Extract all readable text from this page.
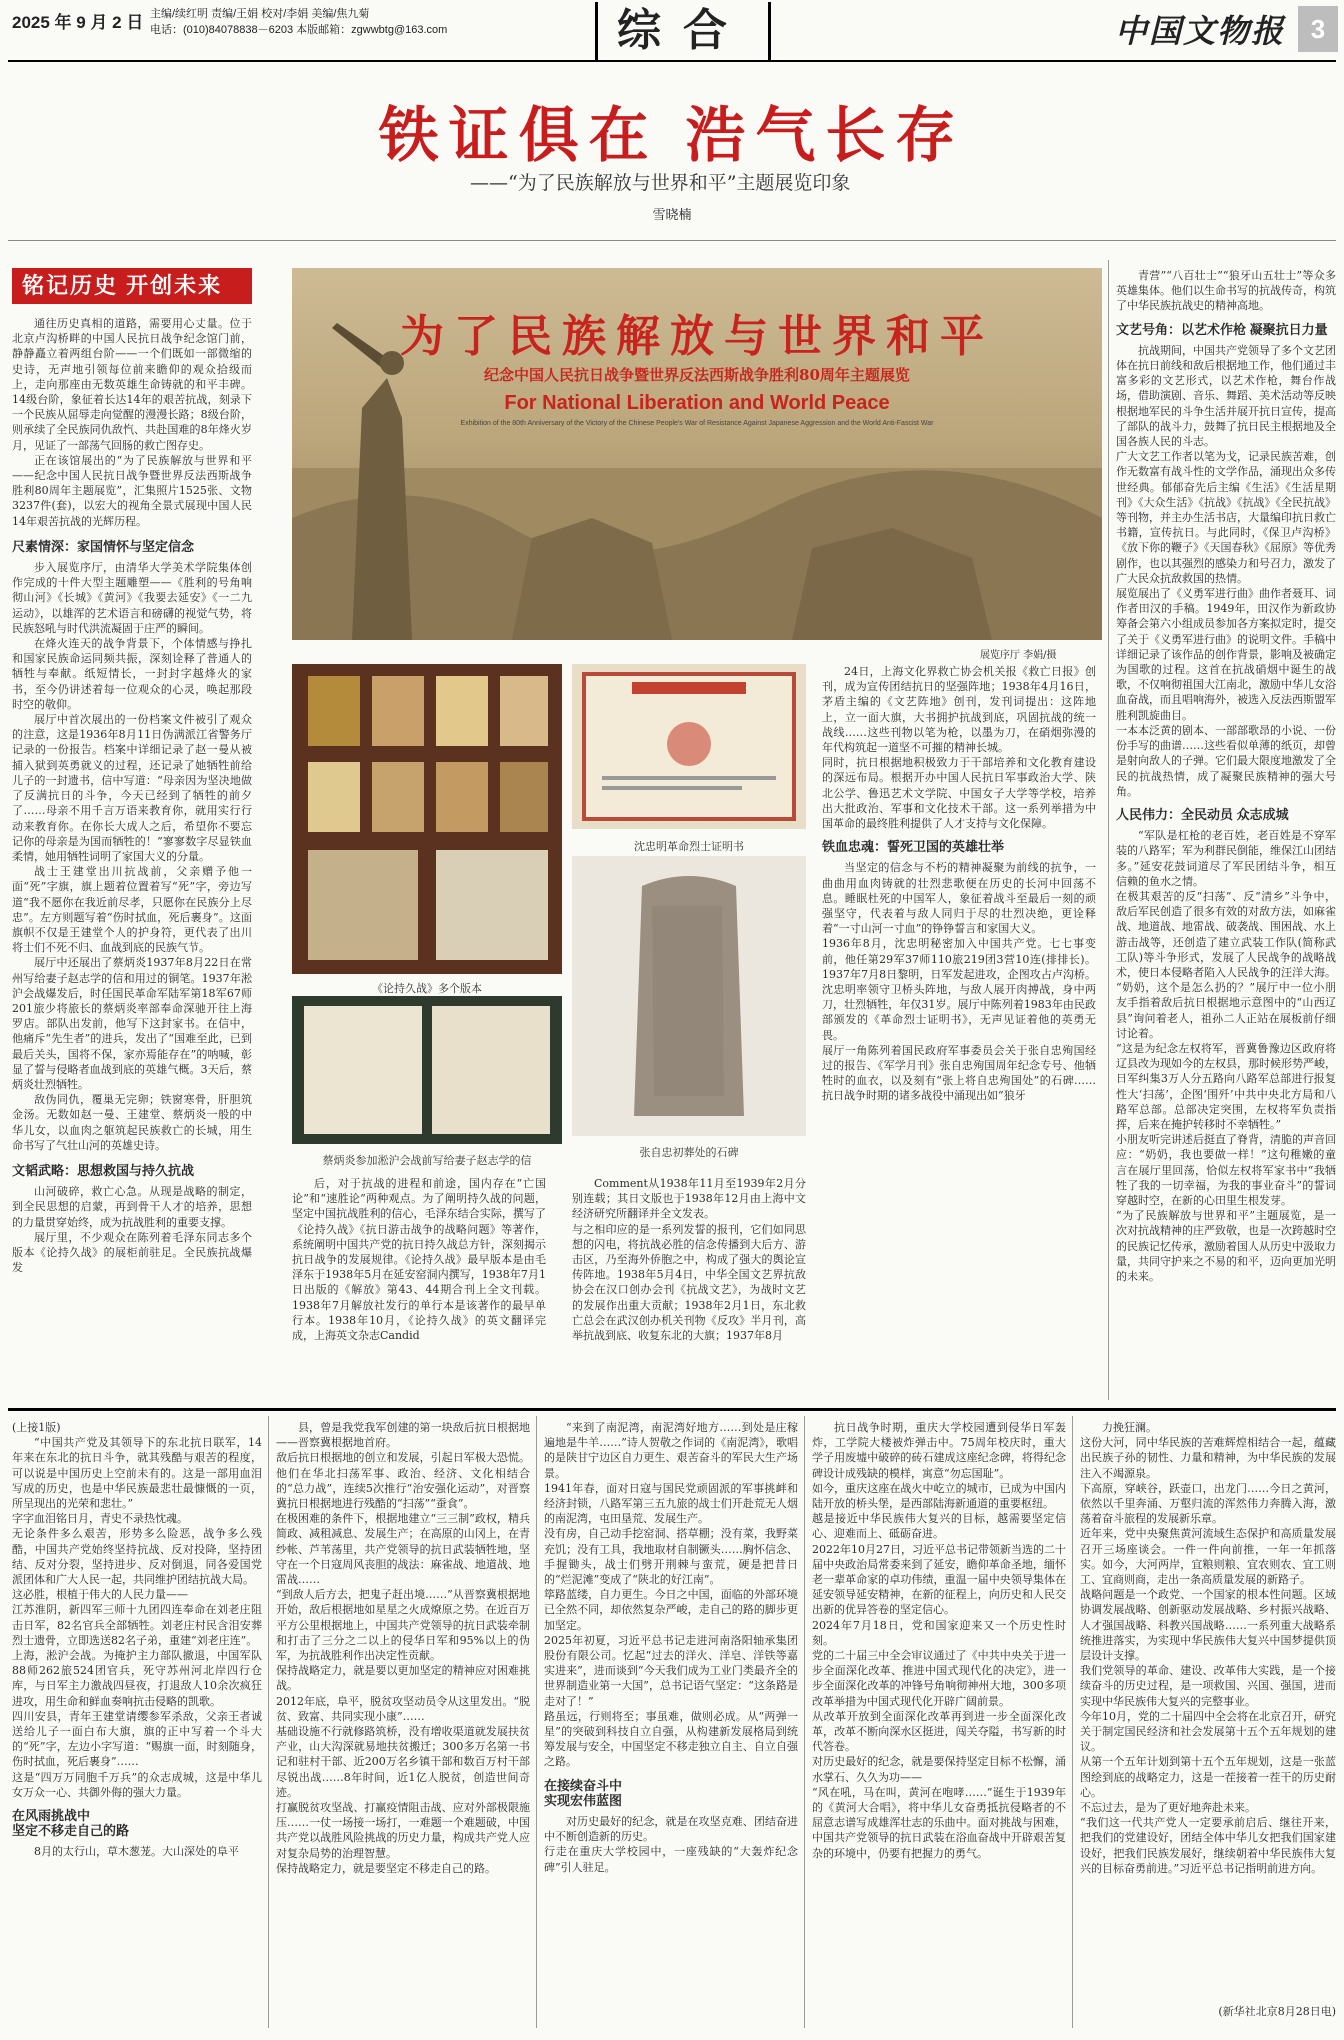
2025 年 9 月 2 日 主编/续红明 责编/王娟 校对/李娟 美编/焦九菊
电话：(010)84078838－6203 本版邮箱：zgwwbtg@163.com	综合	中国文物报 3
铁证俱在 浩气长存
——“为了民族解放与世界和平”主题展览印象
雪晓楠
铭记历史 开创未来

通往历史真相的道路，需要用心丈量。位于北京卢沟桥畔的中国人民抗日战争纪念馆门前，静静矗立着两组台阶——一个们既如一部微缩的史诗，无声地引领每位前来瞻仰的观众拾级而上，走向那座由无数英雄生命铸就的和平丰碑。14级台阶，象征着长达14年的艰苦抗战，刻录下一个民族从屈辱走向觉醒的漫漫长路；8级台阶，则承续了全民族同仇敌忾、共赴国难的8年烽火岁月，见证了一部荡气回肠的救亡图存史。

正在该馆展出的“为了民族解放与世界和平——纪念中国人民抗日战争暨世界反法西斯战争胜利80周年主题展览”，汇集照片1525张、文物3237件(套)，以宏大的视角全景式展现中国人民14年艰苦抗战的光辉历程。

尺素情深：家国情怀与坚定信念

步入展览序厅，由清华大学美术学院集体创作完成的十件大型主题雕塑——《胜利的号角响彻山河》《长城》《黄河》《我要去延安》《一二九运动》，以雄浑的艺术语言和磅礴的视觉气势，将民族怒吼与时代洪流凝固于庄严的瞬间。

在烽火连天的战争背景下，个体情感与挣扎和国家民族命运同频共振，深刻诠释了普通人的牺牲与奉献。纸短情长，一封封字越烽火的家书，至今仍讲述着每一位观众的心灵，唤起那段时空的敬仰。

展厅中首次展出的一份档案文件被引了观众的注意，这是1936年8月11日伪满派江省警务厅记录的一份报告。档案中详细记录了赵一曼从被捕入狱到英勇就义的过程，还记录了她牺牲前给儿子的一封遗书，信中写道：“母亲因为坚决地做了反满抗日的斗争，今天已经到了牺牲的前夕了……母亲不用千言万语来教育你，就用实行行动来教育你。在你长大成人之后，希望你不要忘记你的母亲是为国而牺牲的！”寥寥数字尽显铁血柔情，她用牺牲词明了家国大义的分量。

战士王建堂出川抗战前，父亲赠予他一面“死”字旗，旗上题着位置着写“死”字，旁边写道“我不愿你在我近前尽孝，只愿你在民族分上尽忠”。左方则题写着“伤时拭血，死后裹身”。这面旗帜不仅是王建堂个人的护身符，更代表了出川将士们不死不归、血战到底的民族气节。

展厅中还展出了蔡炳炎1937年8月22日在常州写给妻子赵志学的信和用过的铜笔。1937年淞沪会战爆发后，时任国民革命军陆军第18军67师201旅少将旅长的蔡炳炎率部奉命深驰开往上海罗店。部队出发前，他写下这封家书。在信中，他痛斥“先生者”的进兵，发出了“国难至此，已到最后关头，国将不保，家亦焉能存在”的呐喊，彰显了誓与侵略者血战到底的英雄气概。3天后，蔡炳炎壮烈牺牲。

敌伪同仇，覆巢无完卵；铁窗寒骨，肝胆筑金汤。无数如赵一曼、王建堂、蔡炳炎一般的中华儿女，以血肉之躯筑起民族救亡的长城，用生命书写了气壮山河的英雄史诗。

文韬武略：思想救国与持久抗战

山河破碎，救亡心急。从现是战略的制定，到全民思想的启蒙，再到骨干人才的培养，思想的力量贯穿始终，成为抗战胜利的重要支撑。

展厅里，不少观众在陈列着毛泽东同志多个版本《论持久战》的展柜前驻足。全民族抗战爆发

为了民族解放与世界和平
纪念中国人民抗日战争暨世界反法西斯战争胜利80周年主题展览
For National Liberation and World Peace
Exhibition of the 80th Anniversary of the Victory of the Chinese People's War of Resistance Against Japanese Aggression and the World Anti-Fascist War
展览序厅 李娟/摄
《论持久战》多个版本
沈忠明革命烈士证明书
张自忠初葬处的石碑
蔡炳炎参加淞沪会战前写给妻子赵志学的信

后，对于抗战的进程和前途，国内存在“亡国论”和“速胜论”两种观点。为了阐明持久战的问题，坚定中国抗战胜利的信心，毛泽东结合实际，撰写了《论持久战》《抗日游击战争的战略问题》等著作，系统阐明中国共产党的抗日持久战总方针，深刻揭示抗日战争的发展规律。《论持久战》最早版本是由毛泽东于1938年5月在延安窑洞内撰写，1938年7月1日出版的《解放》第43、44期合刊上全文刊载。1938年7月解放社发行的单行本是该著作的最早单行本。1938年10月，《论持久战》的英文翻译完成，上海英文杂志Candid

Comment从1938年11月至1939年2月分别连载；其日文版也于1938年12月由上海中文经济研究所翻译并全文发表。
与之相印应的是一系列发誓的报刊，它们如同思想的闪电，将抗战必胜的信念传播到大后方、游击区，乃至海外侨胞之中，构成了强大的舆论宣传阵地。1938年5月4日，中华全国文艺界抗敌协会在汉口创办会刊《抗战文艺》，为战时文艺的发展作出重大贡献；1938年2月1日，东北救亡总会在武汉创办机关刊物《反攻》半月刊，高举抗战到底、收复东北的大旗；1937年8月

24日，上海文化界救亡协会机关报《救亡日报》创刊，成为宣传团结抗日的坚强阵地；1938年4月16日，茅盾主编的《文艺阵地》创刊，发刊词提出：这阵地上，立一面大旗，大书拥护抗战到底，巩固抗战的统一战线……这些刊物以笔为枪，以墨为刀，在硝烟弥漫的年代构筑起一道坚不可摧的精神长城。
同时，抗日根据地积极致力于干部培养和文化教育建设的深远布局。根据开办中国人民抗日军事政治大学、陕北公学、鲁迅艺术文学院、中国女子大学等学校，培养出大批政治、军事和文化技术干部。这一系列举措为中国革命的最终胜利提供了人才支持与文化保障。

铁血忠魂：誓死卫国的英雄壮举

当坚定的信念与不朽的精神凝聚为前线的抗争，一曲曲用血肉铸就的壮烈悲歌便在历史的长河中回荡不息。睡眠杜死的中国军人，象征着战斗至最后一刻的顽强坚守，代表着与敌人同归于尽的壮烈决绝，更诠释着“一寸山河一寸血”的铮铮誓言和家国大义。
1936年8月，沈忠明秘密加入中国共产党。七七事变前，他任第29军37师110旅219团3营10连(排排长)。1937年7月8日黎明，日军发起进攻，企图攻占卢沟桥。沈忠明率领守卫桥头阵地，与敌人展开肉搏战，身中两刀，壮烈牺牲，年仅31岁。展厅中陈列着1983年由民政部颁发的《革命烈士证明书》，无声见证着他的英勇无畏。
展厅一角陈列着国民政府军事委员会关于张自忠殉国经过的报告、《军学月刊》张自忠殉国周年纪念专号、他牺牲时的血衣，以及刻有“张上将自忠殉国处”的石碑……抗日战争时期的诸多战役中涌现出如“狼牙

青营”“八百壮士”“狼牙山五壮士”等众多英雄集体。他们以生命书写的抗战传奇，构筑了中华民族抗战史的精神高地。

文艺号角：以艺术作枪 凝聚抗日力量

抗战期间，中国共产党领导了多个文艺团体在抗日前线和敌后根据地工作，他们通过丰富多彩的文艺形式，以艺术作枪，舞台作战场，借助演剧、音乐、舞蹈、美术活动等反映根据地军民的斗争生活并展开抗日宣传，提高了部队的战斗力，鼓舞了抗日民主根据地及全国各族人民的斗志。
广大文艺工作者以笔为戈，记录民族苦难，创作无数富有战斗性的文学作品，涌现出众多传世经典。郁郁奋先后主编《生活》《生活星期刊》《大众生活》《抗战》《抗战》《全民抗战》等刊物，并主办生活书店，大量编印抗日救亡书籍，宣传抗日。与此同时，《保卫卢沟桥》《放下你的鞭子》《天国春秋》《屈原》等优秀剧作，也以其强烈的感染力和号召力，激发了广大民众抗敌救国的热情。
展览展出了《义勇军进行曲》曲作者聂耳、词作者田汉的手稿。1949年，田汉作为新政协筹备会第六小组成员参加各方案拟定时，提交了关于《义勇军进行曲》的说明文件。手稿中详细记录了该作品的创作背景，影响及被确定为国歌的过程。这首在抗战硝烟中诞生的战歌，不仅响彻祖国大江南北，激励中华儿女浴血奋战，而且唱响海外，被选入反法西斯盟军胜利凯旋曲目。
一本本泛黄的剧本、一部部歌昂的小说、一份份手写的曲谱……这些看似单薄的纸页，却曾是射向敌人的子弹。它们最大限度地激发了全民的抗战热情，成了凝聚民族精神的强大号角。

人民伟力：全民动员 众志成城

“军队是杠枪的老百姓，老百姓是不穿军装的八路军；军为利群民倒能，维保江山团结多。”延安花鼓词道尽了军民团结斗争，相互信赖的鱼水之情。
在极其艰苦的反“扫荡”、反“清乡”斗争中，敌后军民创造了很多有效的对敌方法，如麻雀战、地道战、地雷战、破袭战、围困战、水上游击战等，还创造了建立武装工作队(简称武工队)等斗争形式，发展了人民战争的战略战术，使日本侵略者陷入人民战争的汪洋大海。
“奶奶，这个是怎么扔的？”展厅中一位小朋友手指着敌后抗日根据地示意图中的“山西辽县”询问着老人，祖孙二人正站在展板前仔细讨论着。
“这是为纪念左权将军，晋冀鲁豫边区政府将辽县改为现如今的左权县，那时候形势严峻，日军纠集3万人分五路向八路军总部进行报复性大‘扫荡’，企图‘围歼’中共中央北方局和八路军总部。总部决定突围，左权将军负责指挥，后来在掩护转移时不幸牺牲。”
小朋友听完讲述后挺直了脊背，清脆的声音回应：“奶奶，我也要做一样！”这句稚嫩的童言在展厅里回荡，恰似左权将军家书中“我牺牲了我的一切幸福，为我的事业奋斗”的誓词穿越时空，在新的心田里生根发芽。
“为了民族解放与世界和平”主题展览，是一次对抗战精神的庄严致敬，也是一次跨越时空的民族记忆传承，激励着国人从历史中汲取力量，共同守护来之不易的和平，迈向更加光明的未来。

(上接1版)

“中国共产党及其领导下的东北抗日联军，14年来在东北的抗日斗争，就其残酷与艰苦的程度，可以说是中国历史上空前未有的。这是一部用血泪写成的历史，也是中华民族最悲壮最慷慨的一页，所呈现出的光荣和悲壮。”
字字血泪铭日月，青史不录热忱魂。
无论条件多么艰苦，形势多么险恶，战争多么残酷，中国共产党始终坚持抗战、反对投降，坚持团结、反对分裂，坚持进步、反对倒退，同各爱国党派团体和广大人民一起，共同维护团结抗战大局。
这必胜，根植于伟大的人民力量——
江苏淮阴，新四军三师十九团四连奉命在刘老庄阻击日军，82名官兵全部牺牲。刘老庄村民含泪安葬烈士遗骨，立即选送82名子弟，重建“刘老庄连”。
上海，淞沪会战。为掩护主力部队撤退，中国军队88师262旅524团官兵，死守苏州河北岸四行仓库，与日军主力激战四昼夜，打退敌人10余次疯狂进攻，用生命和鲜血奏响抗击侵略的凯歌。
四川安县，青年王建堂请缨参军杀敌，父亲王者诚送给儿子一面白布大旗，旗的正中写着一个斗大的“死”字，左边小字写道：“赐旗一面，时刻随身，伤时拭血，死后裹身”……
这是“四万万同胞千万兵”的众志成城，这是中华儿女万众一心、共御外侮的强大力量。

在风雨挑战中
坚定不移走自己的路

8月的太行山，草木葱茏。大山深处的阜平

县，曾是我党我军创建的第一块敌后抗日根据地——晋察冀根据地首府。
敌后抗日根据地的创立和发展，引起日军极大恐慌。他们在华北扫荡军事、政治、经济、文化相结合的“总力战”，连续5次推行“治安强化运动”，对晋察冀抗日根据地进行残酷的“扫荡”“蚕食”。
在极困难的条件下，根据地建立“三三制”政权，精兵简政、减租减息、发展生产；在高原的山冈上，在青纱帐、芦苇荡里，共产党领导的抗日武装牺牲地，坚守在一个日寇周风丧胆的战法：麻雀战、地道战、地雷战……
“到敌人后方去，把鬼子赶出境……”从晋察冀根据地开始，敌后根据地如星星之火成燎原之势。在近百万平方公里根据地上，中国共产党领导的抗日武装牵制和打击了三分之二以上的侵华日军和95%以上的伪军，为抗战胜利作出决定性贡献。
保持战略定力，就是要以更加坚定的精神应对困难挑战。
2012年底，阜平，脱贫攻坚动员令从这里发出。“脱贫、致富、共同实现小康”……
基础设施不行就修路筑桥，没有增收渠道就发展扶贫产业，山大沟深就易地扶贫搬迁；300多万名第一书记和驻村干部、近200万名乡镇干部和数百万村干部尽锐出战……8年时间，近1亿人脱贫，创造世间奇迹。
打赢脱贫攻坚战、打赢疫情阻击战、应对外部极限施压……一仗一场接一场打，一难题一个难题破，中国共产党以战胜风险挑战的历史力量，构成共产党人应对复杂局势的治理智慧。
保持战略定力，就是要坚定不移走自己的路。

“来到了南泥湾，南泥湾好地方……到处是庄稼遍地是牛羊……”诗人贺敬之作词的《南泥湾》，歌唱的是陕甘宁边区自力更生、艰苦奋斗的军民大生产场景。
1941年春，面对日寇与国民党顽固派的军事挑衅和经济封锁，八路军第三五九旅的战士们开赴荒无人烟的南泥湾，屯田垦荒、发展生产。
没有房，自己动手挖窑洞、搭草棚；没有菜，我野菜充饥；没有工具，我地取材自制镢头……胸怀信念、手握锄头，战士们劈开荆棘与蛮荒，硬是把昔日的“烂泥滩”变成了“陕北的好江南”。
筚路蓝缕，自力更生。今日之中国，面临的外部环境已全然不同，却依然复杂严峻，走自己的路的脚步更加坚定。
2025年初夏，习近平总书记走进河南洛阳轴承集团股份有限公司。忆起“过去的洋火、洋皂、洋铁等嘉实进来”，进而谈到“今天我们成为工业门类最齐全的世界制造业第一大国”，总书记语气坚定：“这条路是走对了！”
路虽远，行则将至；事虽难，做则必成。从“两弹一星”的突破到科技自立自强，从构建新发展格局到统筹发展与安全，中国坚定不移走独立自主、自立自强之路。

在接续奋斗中
实现宏伟蓝图

对历史最好的纪念，就是在攻坚克难、团结奋进中不断创造新的历史。
行走在重庆大学校园中，一座残缺的“大轰炸纪念碑”引人驻足。

抗日战争时期，重庆大学校园遭到侵华日军轰炸，工学院大楼被炸弹击中。75周年校庆时，重大学子用废墟中破碎的砖石建成这座纪念碑，将得纪念碑设计成残缺的模样，寓意“勿忘国耻”。
如今，重庆这座在战火中屹立的城市，已成为中国内陆开放的桥头堡，是西部陆海新通道的重要枢纽。
越是接近中华民族伟大复兴的目标，越需要坚定信心、迎难而上、砥砺奋进。
2022年10月27日，习近平总书记带领新当选的二十届中央政治局常委来到了延安，瞻仰革命圣地，缅怀老一辈革命家的卓功伟绩，重温一届中央领导集体在延安领导延安精神，在新的征程上，向历史和人民交出新的优异答卷的坚定信心。
2024年7月18日，党和国家迎来又一个历史性时刻。
党的二十届三中全会审议通过了《中共中央关于进一步全面深化改革、推进中国式现代化的决定》，进一步全面深化改革的冲锋号角响彻神州大地，300多项改革举措为中国式现代化开辟广阔前景。
从改革开放到全面深化改革再到进一步全面深化改革，改革不断向深水区挺进，闯关夺隘，书写新的时代答卷。
对历史最好的纪念，就是要保持坚定目标不松懈，涌水掌石、久久为功——
“风在吼，马在叫，黄河在咆哮……”诞生于1939年的《黄河大合唱》，将中华儿女奋勇抵抗侵略者的不屈意志谱写成雄浑壮志的乐曲中。面对挑战与困难，中国共产党领导的抗日武装在浴血奋战中开辟艰苦复杂的环境中，仍要有把握力的勇气。

力挽狂澜。
这份大河，同中华民族的苦难辉煌相结合一起，蕴藏出民族子孙的韧性、力量和精神，为中华民族的发展注入不竭源泉。
下高原，穿峡谷，跃壶口，出龙门……今日之黄河，依然以千里奔涌、万壑归流的浑然伟力奔腾入海，激荡着奋斗旅程的发展新乐章。
近年来，党中央聚焦黄河流域生态保护和高质量发展召开三场座谈会。一件一件向前推，一年一年抓落实。如今，大河两岸，宜粮则粮、宜农则农、宜工则工、宜商则商，走出一条高质量发展的新路子。
战略问题是一个政党、一个国家的根本性问题。区域协调发展战略、创新驱动发展战略、乡村振兴战略、人才强国战略、科教兴国战略……一系列重大战略系统推进落实，为实现中华民族伟大复兴中国梦提供顶层设计支撑。
我们党领导的革命、建设、改革伟大实践，是一个接续奋斗的历史过程，是一项救国、兴国、强国，进而实现中华民族伟大复兴的完整事业。
今年10月，党的二十届四中全会将在北京召开，研究关于制定国民经济和社会发展第十五个五年规划的建议。
从第一个五年计划到第十五个五年规划，这是一张蓝图绘到底的战略定力，这是一茬接着一茬干的历史耐心。
不忘过去，是为了更好地奔赴未来。
“我们这一代共产党人一定要承前启后、继往开来，把我们的党建设好，团结全体中华儿女把我们国家建设好，把我们民族发展好，继续朝着中华民族伟大复兴的目标奋勇前进。”习近平总书记指明前进方向。

(新华社北京8月28日电)
